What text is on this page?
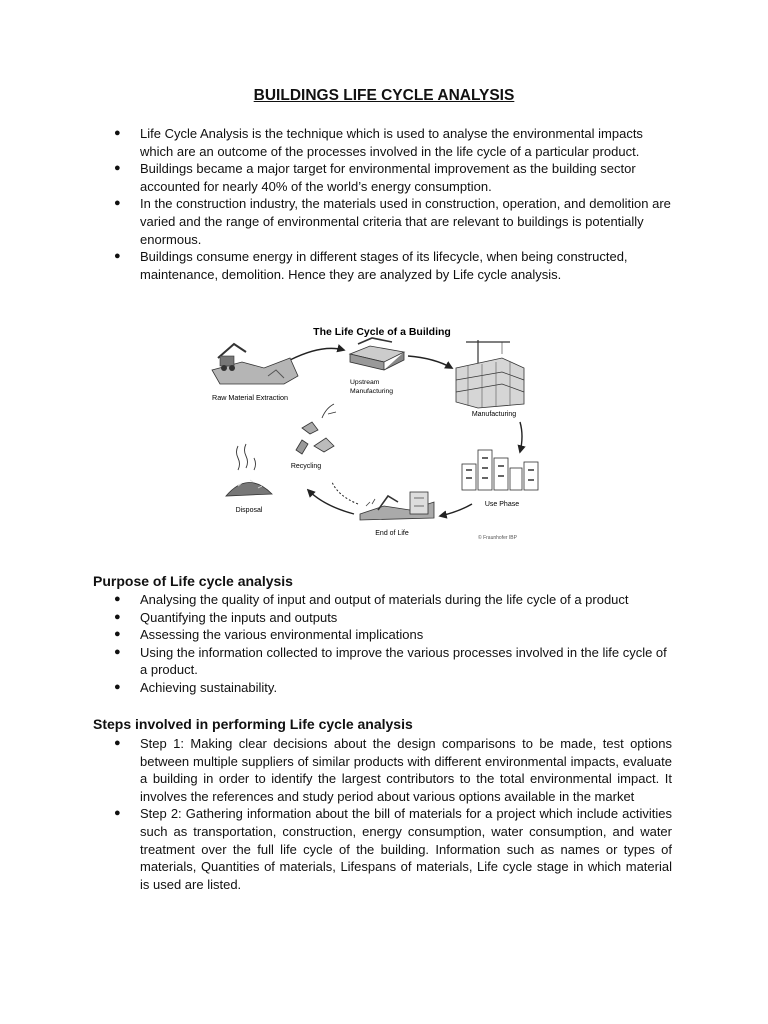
BUILDINGS LIFE CYCLE ANALYSIS
● Life Cycle Analysis is the technique which is used to analyse the environmental impacts which are an outcome of the processes involved in the life cycle of a particular product.
● Buildings became a major target for environmental improvement as the building sector accounted for nearly 40% of the world’s energy consumption.
● In the construction industry, the materials used in construction, operation, and demolition are varied and the range of environmental criteria that are relevant to buildings is potentially enormous.
● Buildings consume energy in different stages of its lifecycle, when being constructed, maintenance, demolition. Hence they are analyzed by Life cycle analysis.
The Life Cycle of a Building
Raw Material Extraction
Upstream
Manufacturing
Manufacturing
Use Phase
End of Life
Disposal
Recycling
© Fraunhofer IBP
Purpose of Life cycle analysis
● Analysing the quality of input and output of materials during the life cycle of a product
● Quantifying the inputs and outputs
● Assessing the various environmental implications
● Using the information collected to improve the various processes involved in the life cycle of a product.
● Achieving sustainability.
Steps involved in performing Life cycle analysis
● Step 1: Making clear decisions about the design comparisons to be made, test options between multiple suppliers of similar products with different environmental impacts, evaluate a building in order to identify the largest contributors to the total environmental impact. It involves the references and study period about various options available in the market
● Step 2: Gathering information about the bill of materials for a project which include activities such as transportation, construction, energy consumption, water consumption, and water treatment over the full life cycle of the building. Information such as names or types of materials, Quantities of materials, Lifespans of materials, Life cycle stage in which material is used are listed.
